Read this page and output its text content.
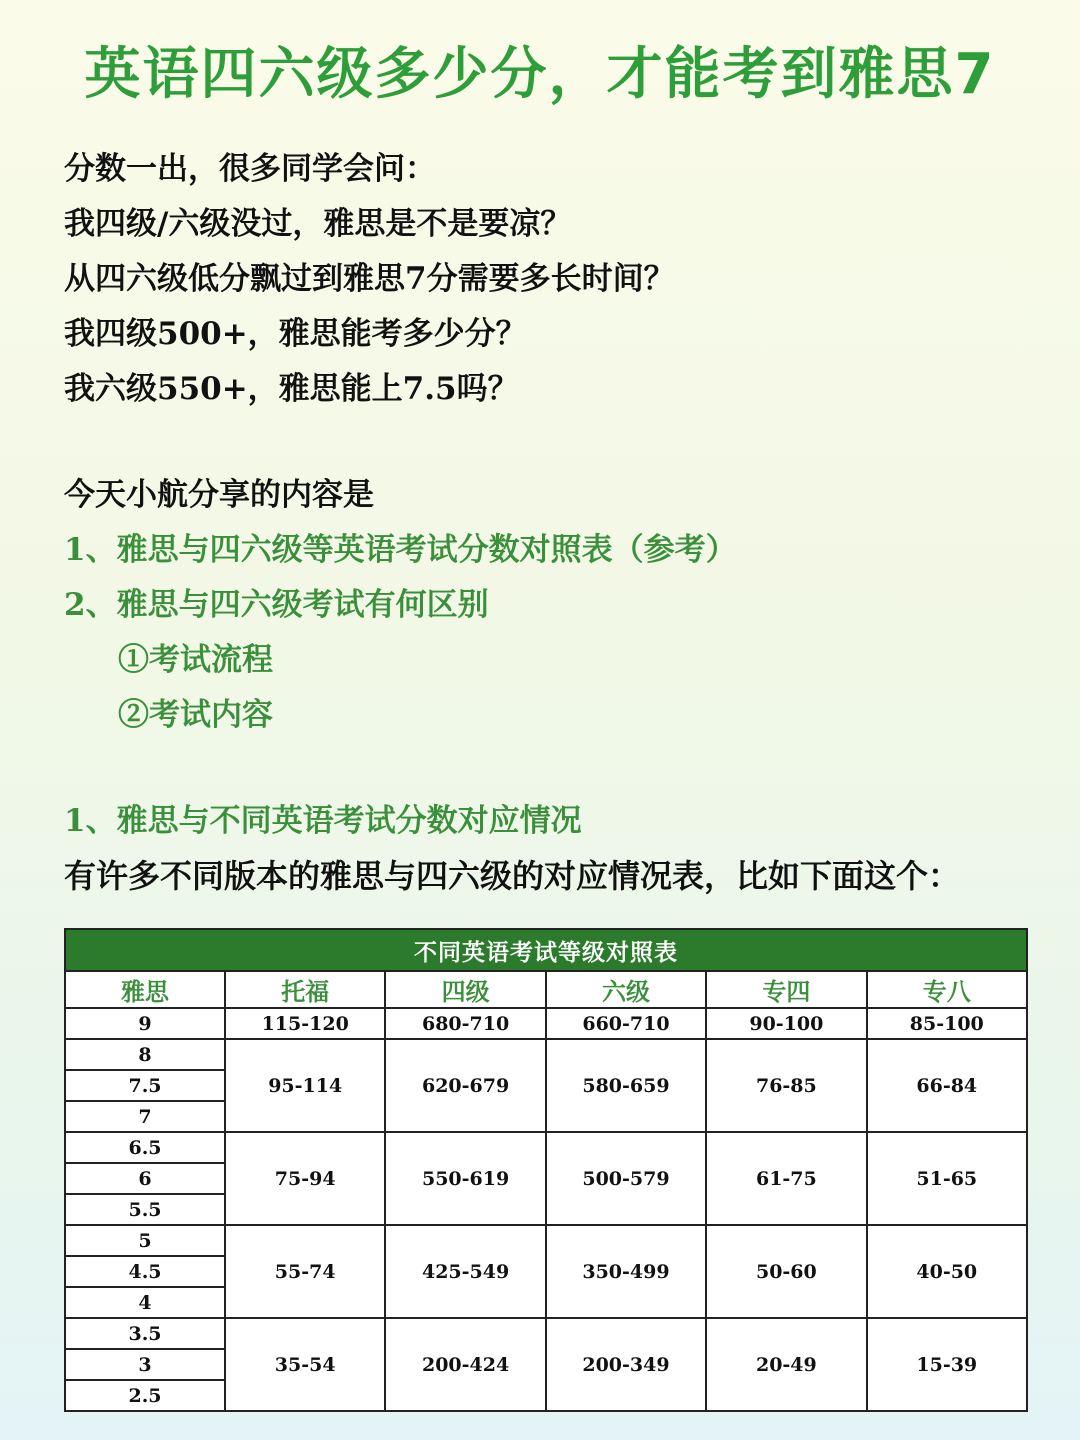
英语四六级多少分，才能考到雅思7
分数一出，很多同学会问：
我四级/六级没过，雅思是不是要凉？
从四六级低分飘过到雅思7分需要多长时间？
我四级500+，雅思能考多少分？
我六级550+，雅思能上7.5吗？
今天小航分享的内容是
1、雅思与四六级等英语考试分数对照表（参考）
2、雅思与四六级考试有何区别
①考试流程
②考试内容
1、雅思与不同英语考试分数对应情况
有许多不同版本的雅思与四六级的对应情况表，比如下面这个：
不同英语考试等级对照表					
雅思	托福	四级	六级	专四	专八
9	115-120	680-710	660-710	90-100	85-100
8	95-114	620-679	580-659	76-85	66-84
7.5					
7					
6.5	75-94	550-619	500-579	61-75	51-65
6					
5.5					
5	55-74	425-549	350-499	50-60	40-50
4.5					
4					
3.5	35-54	200-424	200-349	20-49	15-39
3					
2.5					
